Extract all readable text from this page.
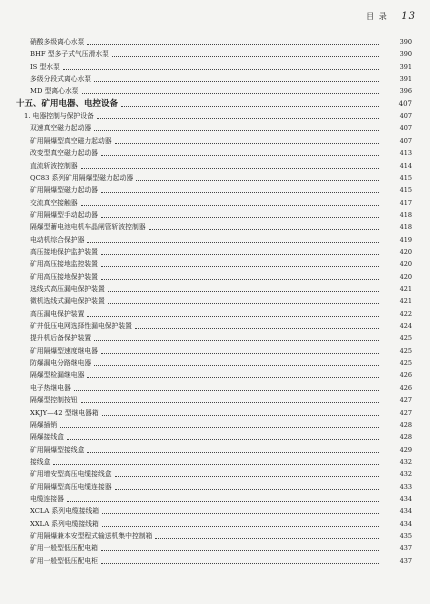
目 录 13
硝酸多级离心水泵	390
BHF 型多子式气压滑水泵	390
IS 型水泵	391
多级分段式离心水泵	391
MD 型离心水泵	396
十五、矿用电器、电控设备	407
1. 电器控制与保护设备	407
双速真空磁力起动器	407
矿用隔爆型真空磁力起动器	407
改变型真空磁力起动器	413
直流斩波控制器	414
QC83 系列矿用隔爆型磁力起动器	415
矿用隔爆型磁力起动器	415
交流真空接触器	417
矿用隔爆型手动起动器	418
隔爆型蓄电池电机车晶闸管斩波控制器	418
电动机综合保护器	419
高压接地保护监护装置	420
矿用高压接地监控装置	420
矿用高压接地保护装置	420
选线式高压漏电保护装置	421
微机选线式漏电保护装置	421
高压漏电保护装置	422
矿井低压电网选择性漏电保护装置	424
提升机后备保护装置	425
矿用隔爆型速度继电器	425
防爆漏电分路继电器	425
隔爆型检漏继电器	426
电子热继电器	426
隔爆型控制按钮	427
XKJY—42 型继电器箱	427
隔爆插销	428
隔爆接线盒	428
矿用隔爆型接线盒	429
接线盒	432
矿用增安型高压电缆接线盒	432
矿用隔爆型高压电缆连接器	433
电缆连接器	434
XCLA 系列电缆接线箱	434
XXLA 系列电缆接线箱	434
矿用隔爆兼本安型程式输送机集中控制箱	435
矿用一般型低压配电箱	437
矿用一般型低压配电柜	437
